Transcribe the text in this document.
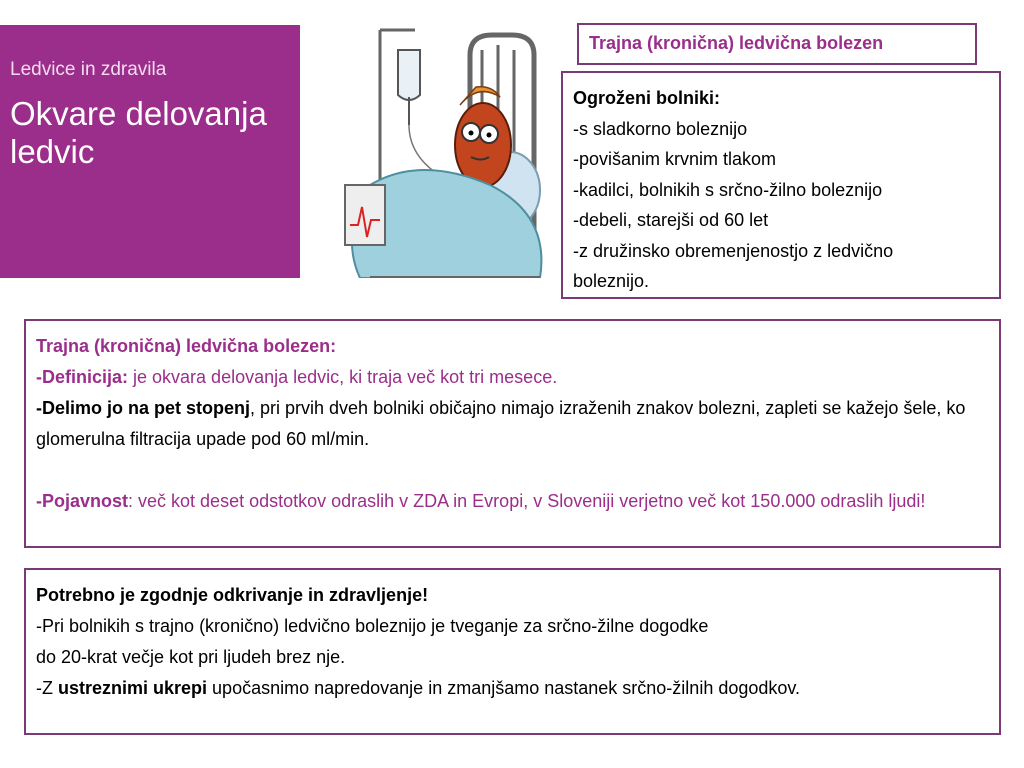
Ledvice in zdravila
Okvare delovanja
ledvic
Trajna (kronična) ledvična bolezen
Ogroženi bolniki:
-s sladkorno boleznijo
-povišanim krvnim tlakom
-kadilci, bolnikih s srčno-žilno boleznijo
-debeli, starejši od 60 let
-z družinsko obremenjenostjo z ledvično
boleznijo.
Trajna (kronična) ledvična bolezen:
-Definicija: je okvara delovanja ledvic, ki traja več kot tri mesece.
-Delimo jo na pet stopenj, pri prvih dveh bolniki običajno nimajo izraženih znakov bolezni, zapleti se kažejo šele, ko glomerulna filtracija upade pod 60 ml/min.
-Pojavnost: več kot deset odstotkov odraslih v ZDA in Evropi, v Sloveniji verjetno več kot 150.000 odraslih ljudi!
Potrebno je zgodnje odkrivanje in zdravljenje!
-Pri bolnikih s trajno (kronično) ledvično boleznijo je tveganje za srčno-žilne dogodke
do 20-krat večje kot pri ljudeh brez nje.
-Z ustreznimi ukrepi upočasnimo napredovanje in zmanjšamo nastanek srčno-žilnih dogodkov.
